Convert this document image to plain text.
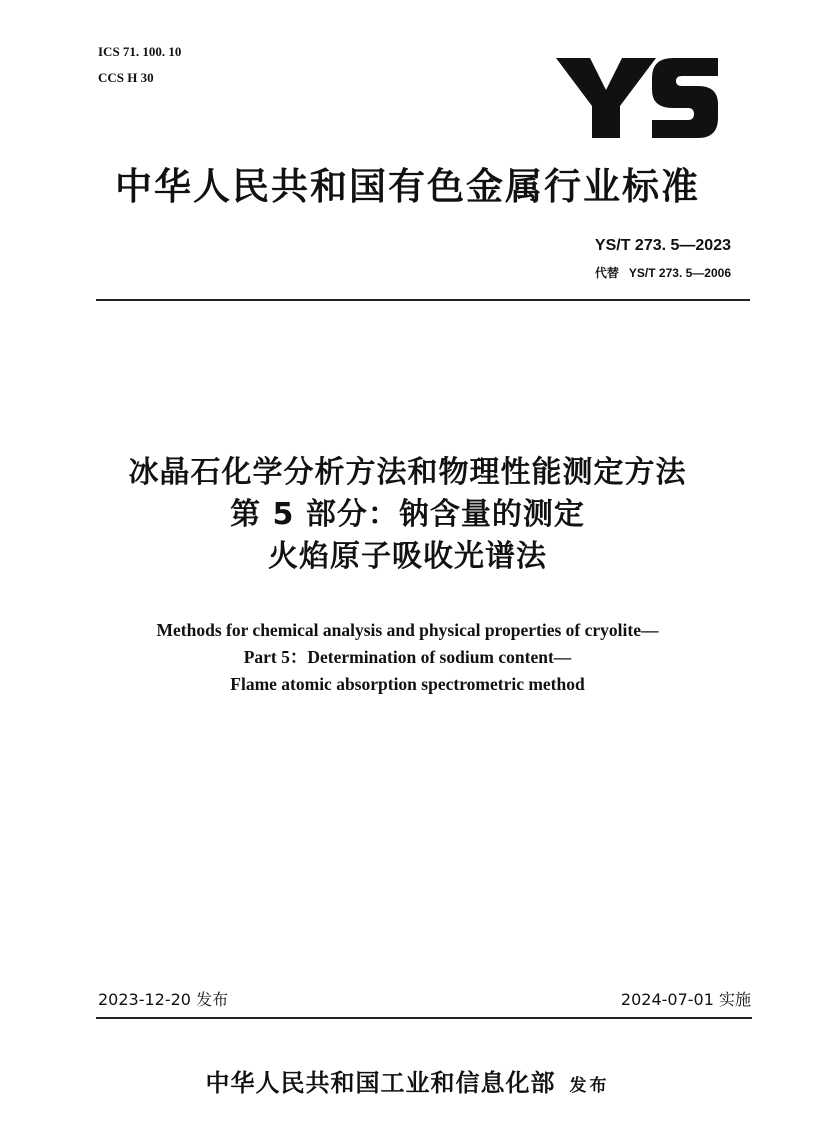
ICS 71. 100. 10
CCS H 30
中华人民共和国有色金属行业标准
YS/T 273. 5—2023
代替 YS/T 273. 5—2006
冰晶石化学分析方法和物理性能测定方法
第 5 部分：钠含量的测定
火焰原子吸收光谱法
Methods for chemical analysis and physical properties of cryolite—
Part 5：Determination of sodium content—
Flame atomic absorption spectrometric method
2023-12-20 发布	2024-07-01 实施
中华人民共和国工业和信息化部 发布
